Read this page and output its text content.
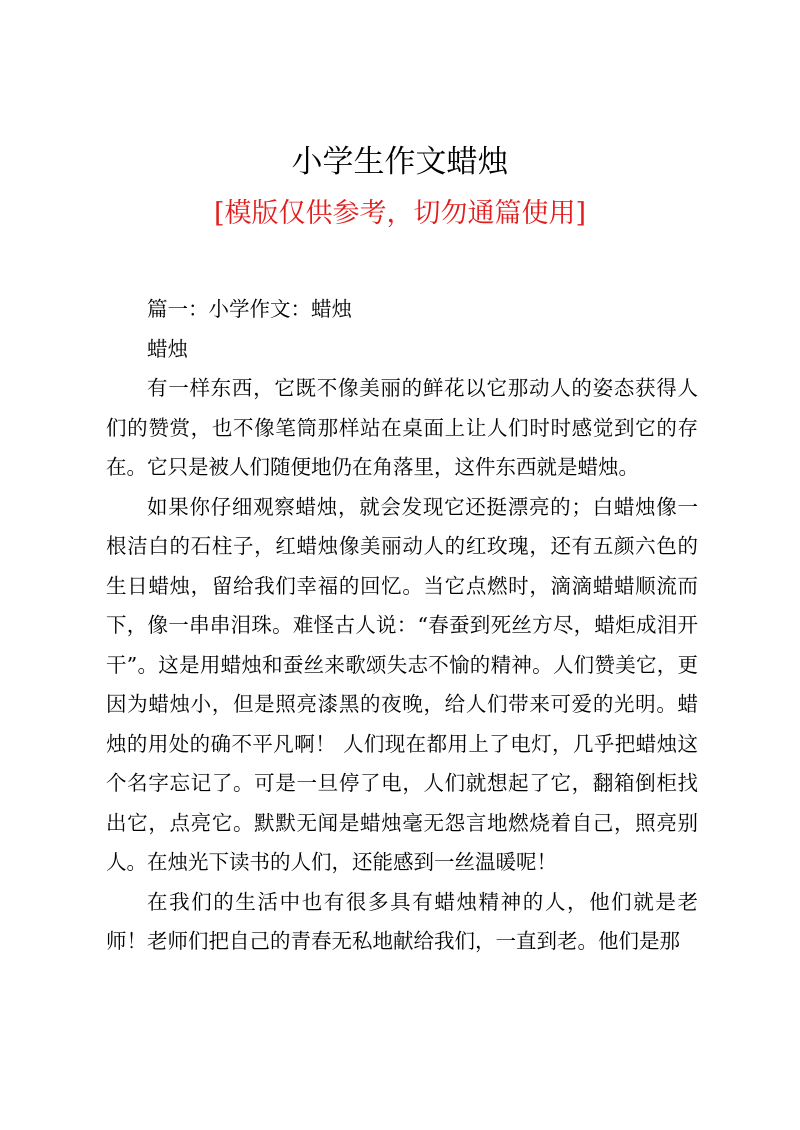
小学生作文蜡烛
[模版仅供参考，切勿通篇使用]

篇一：小学作文：蜡烛

蜡烛

有一样东西，它既不像美丽的鲜花以它那动人的姿态获得人们的赞赏，也不像笔筒那样站在桌面上让人们时时感觉到它的存在。它只是被人们随便地仍在角落里，这件东西就是蜡烛。

如果你仔细观察蜡烛，就会发现它还挺漂亮的；白蜡烛像一根洁白的石柱子，红蜡烛像美丽动人的红玫瑰，还有五颜六色的生日蜡烛，留给我们幸福的回忆。当它点燃时，滴滴蜡蜡顺流而下，像一串串泪珠。难怪古人说：“春蚕到死丝方尽，蜡炬成泪开干”。这是用蜡烛和蚕丝来歌颂失志不愉的精神。人们赞美它，更因为蜡烛小，但是照亮漆黑的夜晚，给人们带来可爱的光明。蜡烛的用处的确不平凡啊！ 人们现在都用上了电灯，几乎把蜡烛这个名字忘记了。可是一旦停了电，人们就想起了它，翻箱倒柜找出它，点亮它。默默无闻是蜡烛毫无怨言地燃烧着自己，照亮别人。在烛光下读书的人们，还能感到一丝温暖呢！

在我们的生活中也有很多具有蜡烛精神的人，他们就是老师！老师们把自己的青春无私地献给我们，一直到老。他们是那
